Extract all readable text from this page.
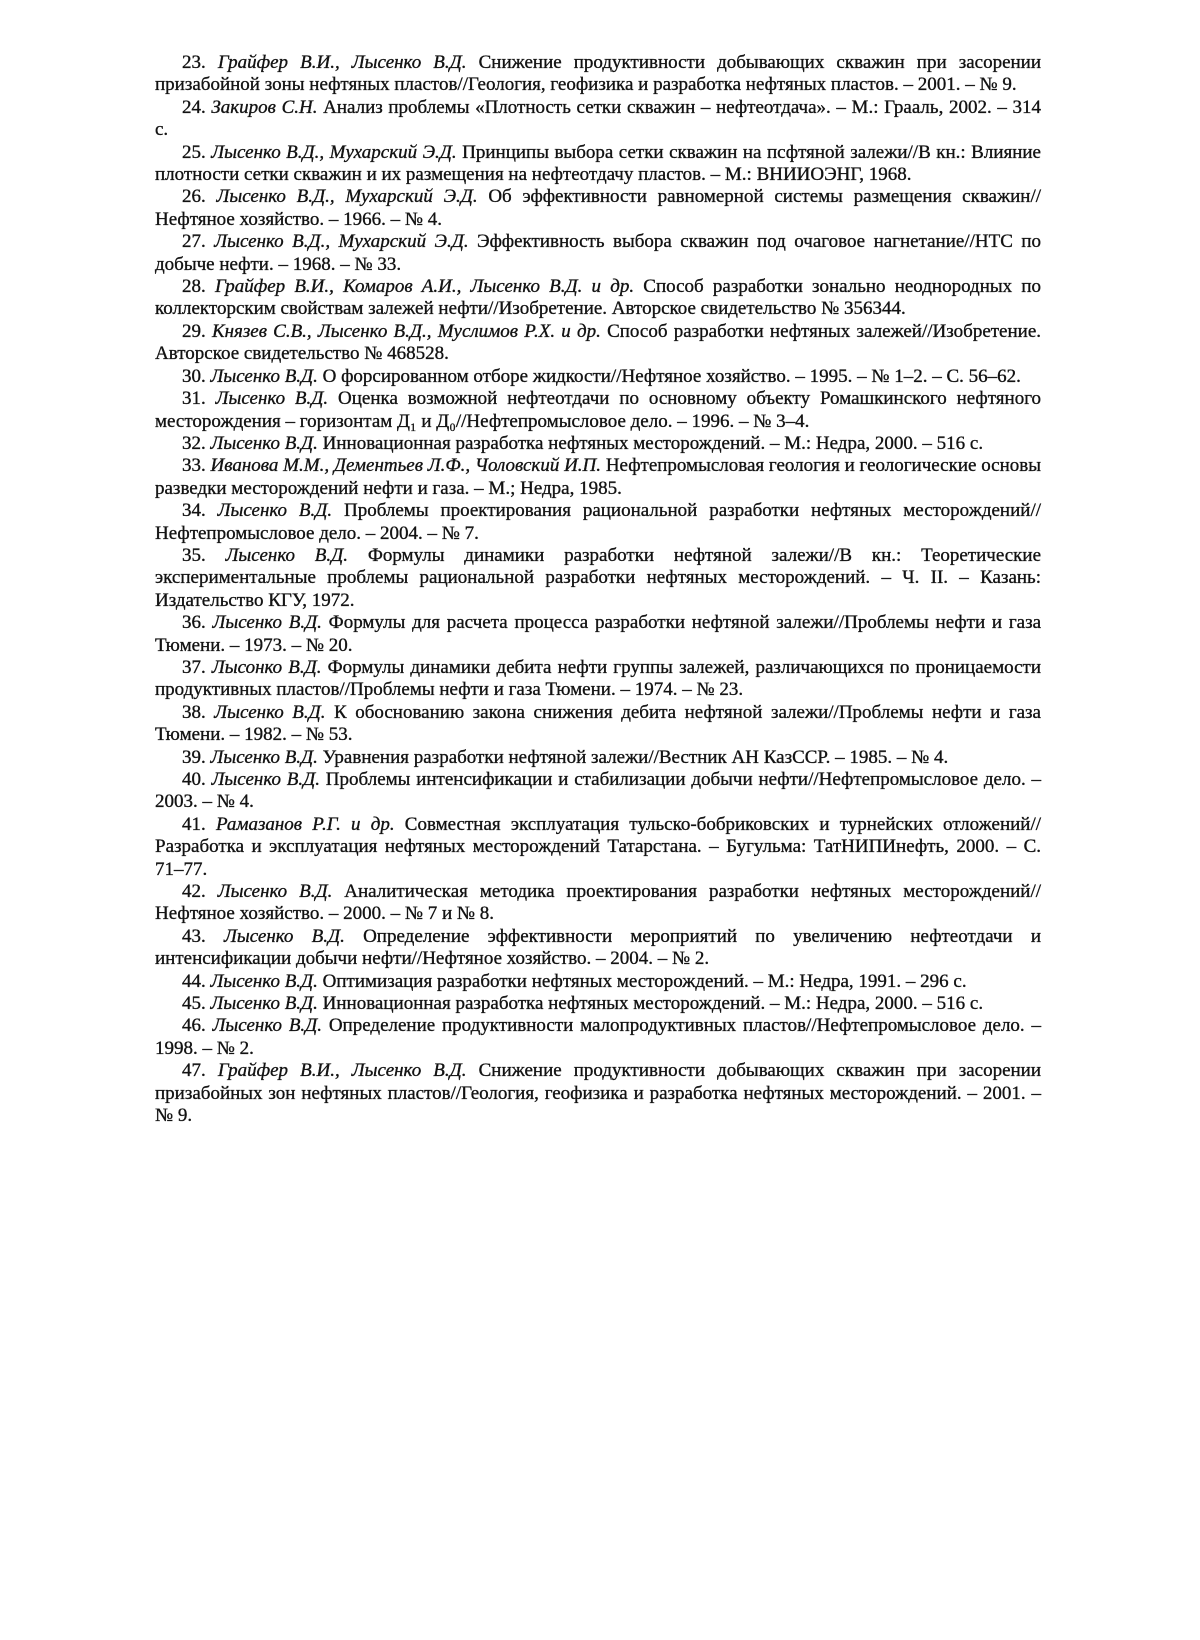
23. Грайфер В.И., Лысенко В.Д. Снижение продуктивности добывающих скважин при засорении призабойной зоны нефтяных пластов//Геология, геофизика и разработка нефтяных пластов. – 2001. – № 9.

24. Закиров С.Н. Анализ проблемы «Плотность сетки скважин – нефтеотдача». – М.: Грааль, 2002. – 314 с.

25. Лысенко В.Д., Мухарский Э.Д. Принципы выбора сетки скважин на псфтяной залежи//В кн.: Влияние плотности сетки скважин и их размещения на нефтеотдачу пластов. – М.: ВНИИОЭНГ, 1968.

26. Лысенко В.Д., Мухарский Э.Д. Об эффективности равномерной системы размещения скважин//Нефтяное хозяйство. – 1966. – № 4.

27. Лысенко В.Д., Мухарский Э.Д. Эффективность выбора скважин под очаговое нагнетание//НТС по добыче нефти. – 1968. – № 33.

28. Грайфер В.И., Комаров А.И., Лысенко В.Д. и др. Способ разработки зонально неоднородных по коллекторским свойствам залежей нефти//Изобретение. Авторское свидетельство № 356344.

29. Князев С.В., Лысенко В.Д., Муслимов Р.Х. и др. Способ разработки нефтяных залежей//Изобретение. Авторское свидетельство № 468528.

30. Лысенко В.Д. О форсированном отборе жидкости//Нефтяное хозяйство. – 1995. – № 1–2. – С. 56–62.

31. Лысенко В.Д. Оценка возможной нефтеотдачи по основному объекту Ромашкинского нефтяного месторождения – горизонтам Д₁ и Д₀//Нефтепромысловое дело. – 1996. – № 3–4.

32. Лысенко В.Д. Инновационная разработка нефтяных месторождений. – М.: Недра, 2000. – 516 с.

33. Иванова М.М., Дементьев Л.Ф., Чоловский И.П. Нефтепромысловая геология и геологические основы разведки месторождений нефти и газа. – М.; Недра, 1985.

34. Лысенко В.Д. Проблемы проектирования рациональной разработки нефтяных месторождений//Нефтепромысловое дело. – 2004. – № 7.

35. Лысенко В.Д. Формулы динамики разработки нефтяной залежи//В кн.: Теоретические экспериментальные проблемы рациональной разработки нефтяных месторождений. – Ч. II. – Казань: Издательство КГУ, 1972.

36. Лысенко В.Д. Формулы для расчета процесса разработки нефтяной залежи//Проблемы нефти и газа Тюмени. – 1973. – № 20.

37. Лысонко В.Д. Формулы динамики дебита нефти группы залежей, различающихся по проницаемости продуктивных пластов//Проблемы нефти и газа Тюмени. – 1974. – № 23.

38. Лысенко В.Д. К обоснованию закона снижения дебита нефтяной залежи//Проблемы нефти и газа Тюмени. – 1982. – № 53.

39. Лысенко В.Д. Уравнения разработки нефтяной залежи//Вестник АН КазССР. – 1985. – № 4.

40. Лысенко В.Д. Проблемы интенсификации и стабилизации добычи нефти//Нефтепромысловое дело. – 2003. – № 4.

41. Рамазанов Р.Г. и др. Совместная эксплуатация тульско-бобриковских и турнейских отложений//Разработка и эксплуатация нефтяных месторождений Татарстана. – Бугульма: ТатНИПИнефть, 2000. – С. 71–77.

42. Лысенко В.Д. Аналитическая методика проектирования разработки нефтяных месторождений//Нефтяное хозяйство. – 2000. – № 7 и № 8.

43. Лысенко В.Д. Определение эффективности мероприятий по увеличению нефтеотдачи и интенсификации добычи нефти//Нефтяное хозяйство. – 2004. – № 2.

44. Лысенко В.Д. Оптимизация разработки нефтяных месторождений. – М.: Недра, 1991. – 296 с.

45. Лысенко В.Д. Инновационная разработка нефтяных месторождений. – М.: Недра, 2000. – 516 с.

46. Лысенко В.Д. Определение продуктивности малопродуктивных пластов//Нефтепромысловое дело. – 1998. – № 2.

47. Грайфер В.И., Лысенко В.Д. Снижение продуктивности добывающих скважин при засорении призабойных зон нефтяных пластов//Геология, геофизика и разработка нефтяных месторождений. – 2001. – № 9.
